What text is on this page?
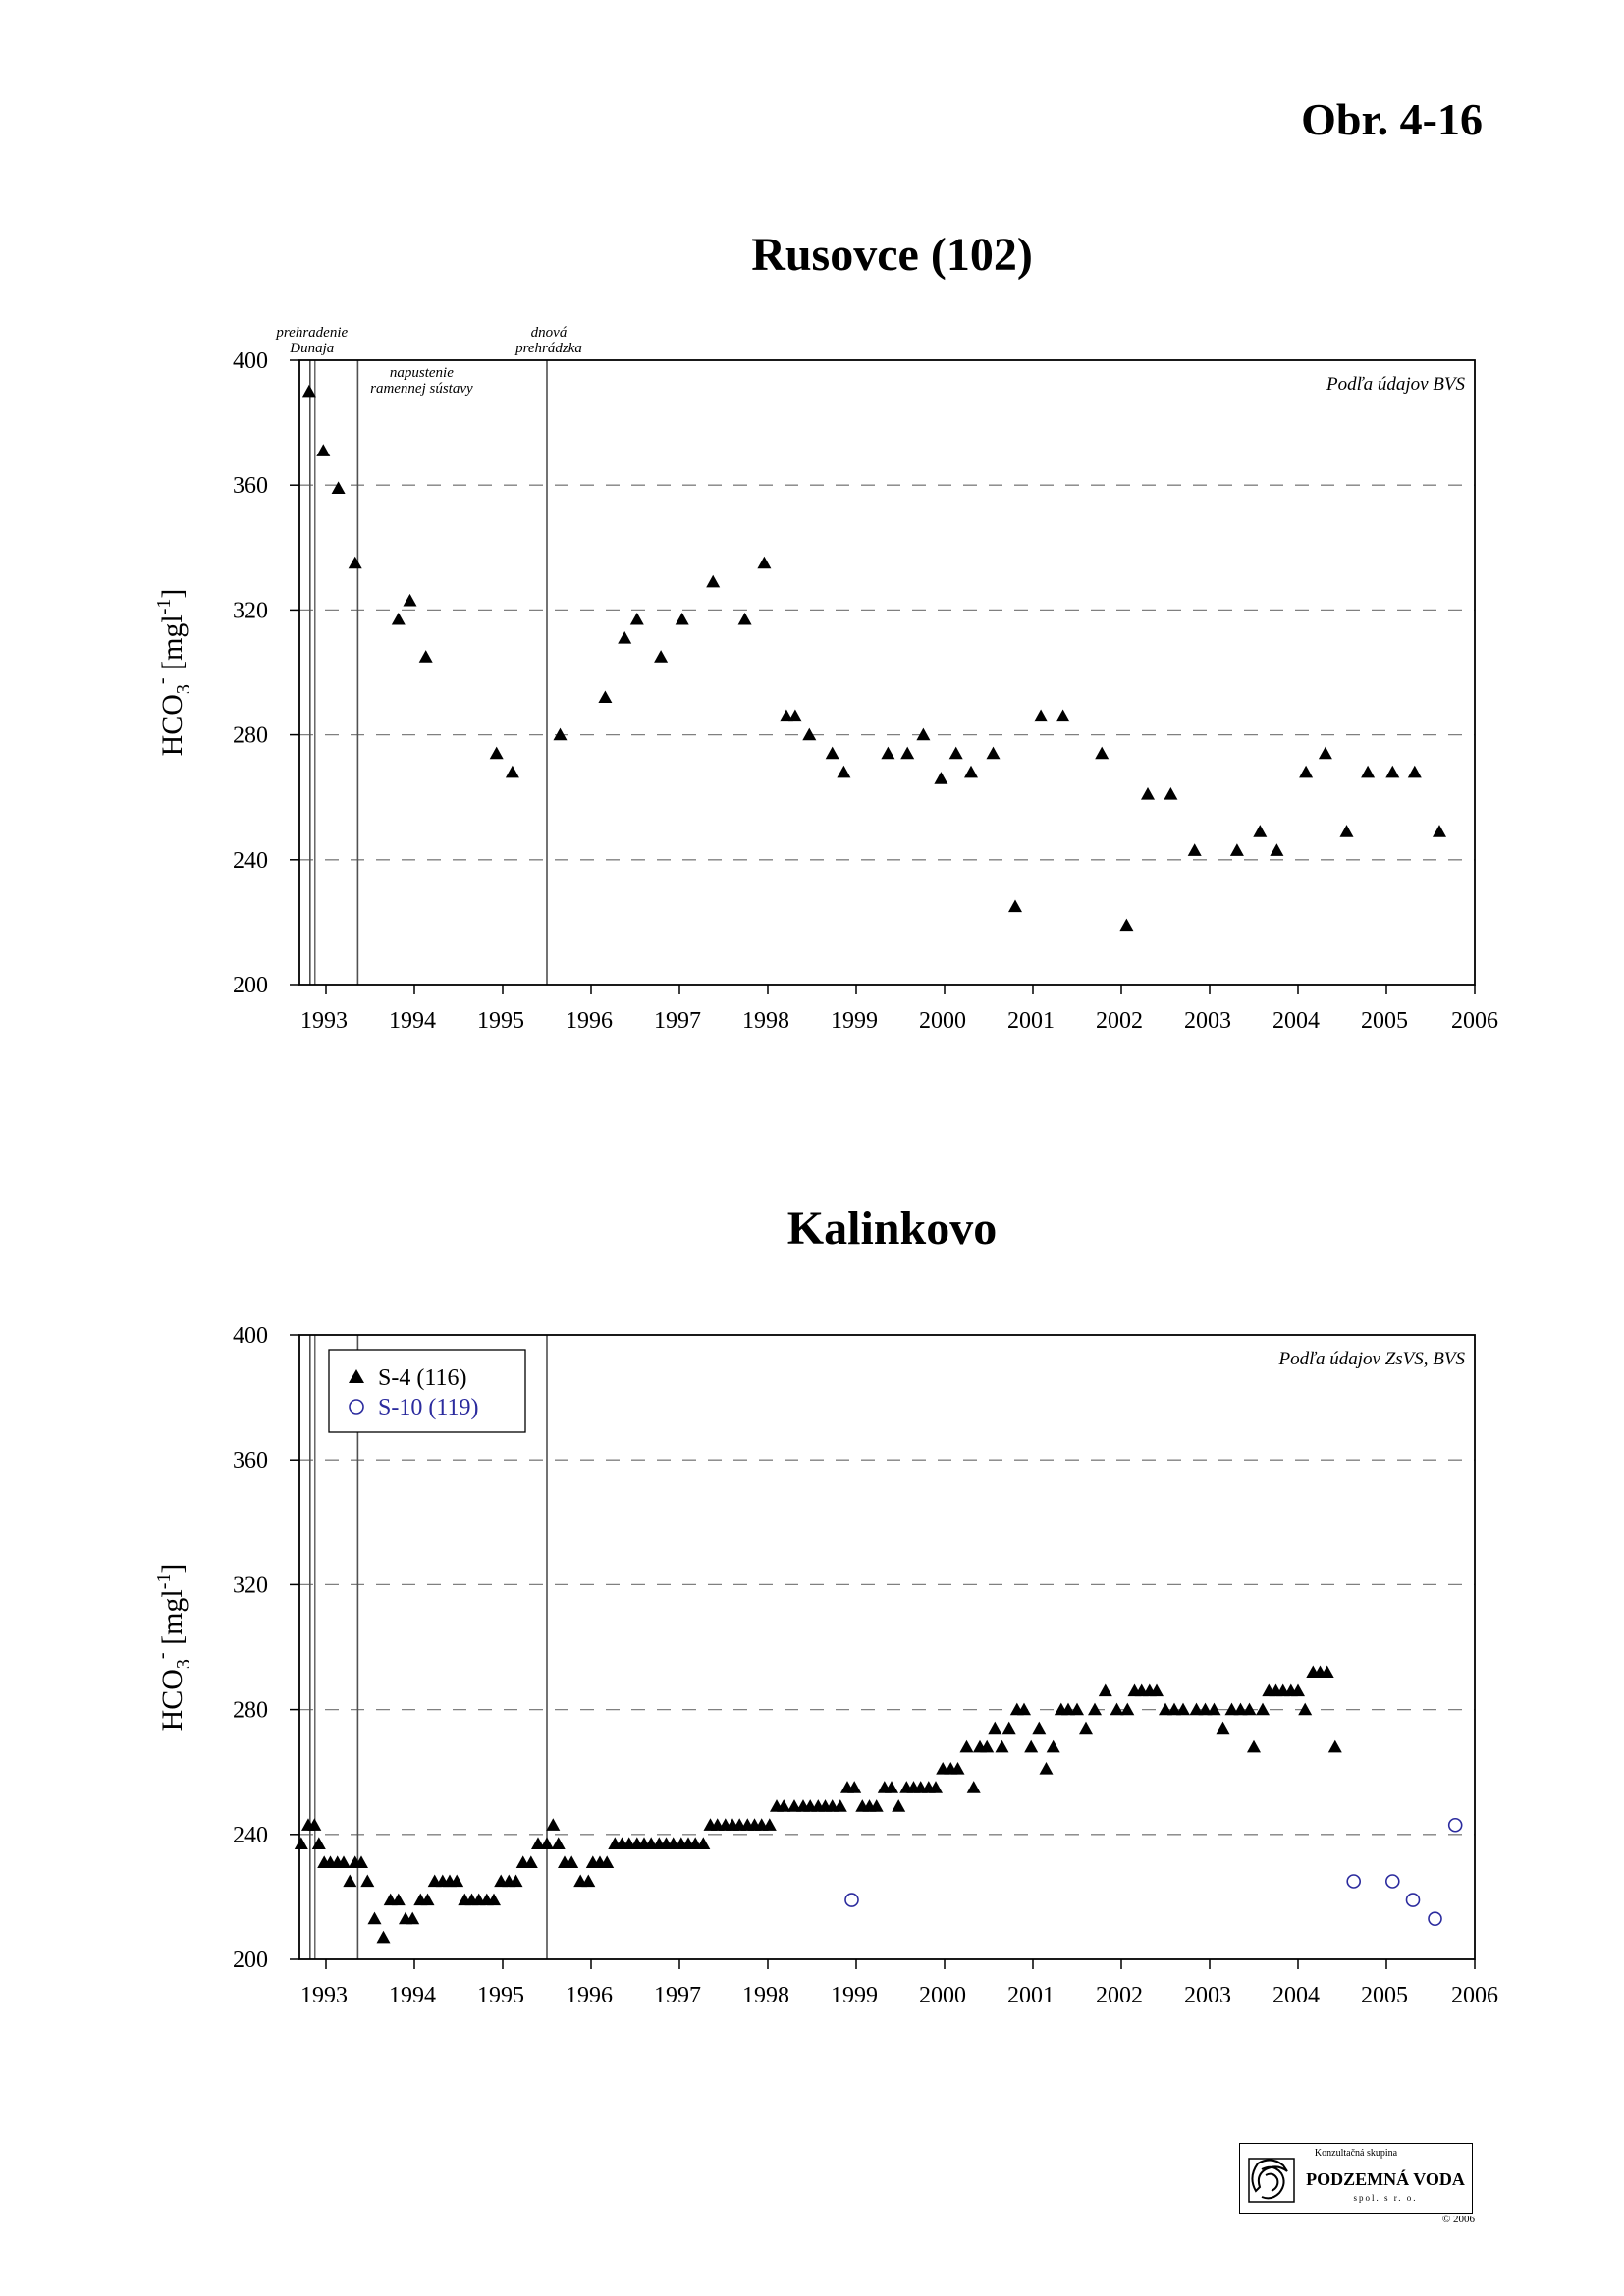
Obr. 4-16
Rusovce (102)
prehradenie
Dunaja
napustenie
ramennej sústavy
dnová
prehrádzka
200
240
280
320
360
400
1993 1994 1995 1996 1997 1998 1999 2000 2001 2002 2003 2004 2005 2006
$HCO_3^-$ [mgl$^{-1}$]
Podľa údajov BVS
Kalinkovo
200
240
280
320
360
400
1993 1994 1995 1996 1997 1998 1999 2000 2001 2002 2003 2004 2005 2006
$HCO_3^-$ [mgl$^{-1}$]
Podľa údajov ZsVS, BVS
S-4 (116)
S-10 (119)
Konzultačná skupina
PODZEMNÁ VODA
spol. s r. o.
© 2006
